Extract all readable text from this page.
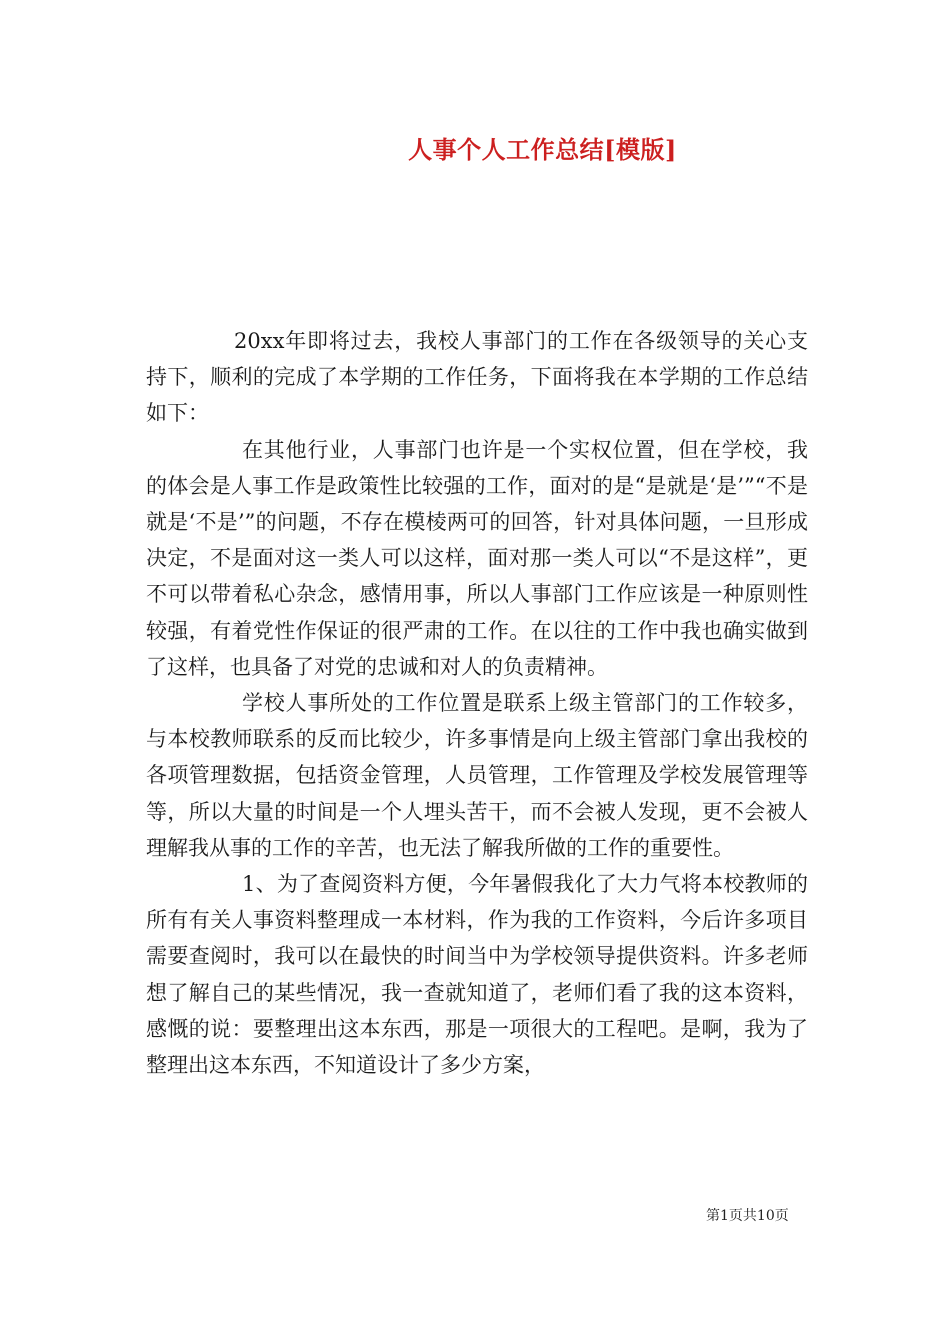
人事个人工作总结[模版]

20xx年即将过去，我校人事部门的工作在各级领导的关心支持下，顺利的完成了本学期的工作任务，下面将我在本学期的工作总结如下：

在其他行业，人事部门也许是一个实权位置，但在学校，我的体会是人事工作是政策性比较强的工作，面对的是“是就是‘是’”“不是就是‘不是’”的问题，不存在模棱两可的回答，针对具体问题，一旦形成决定，不是面对这一类人可以这样，面对那一类人可以“不是这样”，更不可以带着私心杂念，感情用事，所以人事部门工作应该是一种原则性较强，有着党性作保证的很严肃的工作。在以往的工作中我也确实做到了这样，也具备了对党的忠诚和对人的负责精神。

学校人事所处的工作位置是联系上级主管部门的工作较多，与本校教师联系的反而比较少，许多事情是向上级主管部门拿出我校的各项管理数据，包括资金管理，人员管理，工作管理及学校发展管理等等，所以大量的时间是一个人埋头苦干，而不会被人发现，更不会被人理解我从事的工作的辛苦，也无法了解我所做的工作的重要性。

1、为了查阅资料方便，今年暑假我化了大力气将本校教师的所有有关人事资料整理成一本材料，作为我的工作资料，今后许多项目需要查阅时，我可以在最快的时间当中为学校领导提供资料。许多老师想了解自己的某些情况，我一查就知道了，老师们看了我的这本资料，感慨的说：要整理出这本东西，那是一项很大的工程吧。是啊，我为了整理出这本东西，不知道设计了多少方案，

第1页共10页
